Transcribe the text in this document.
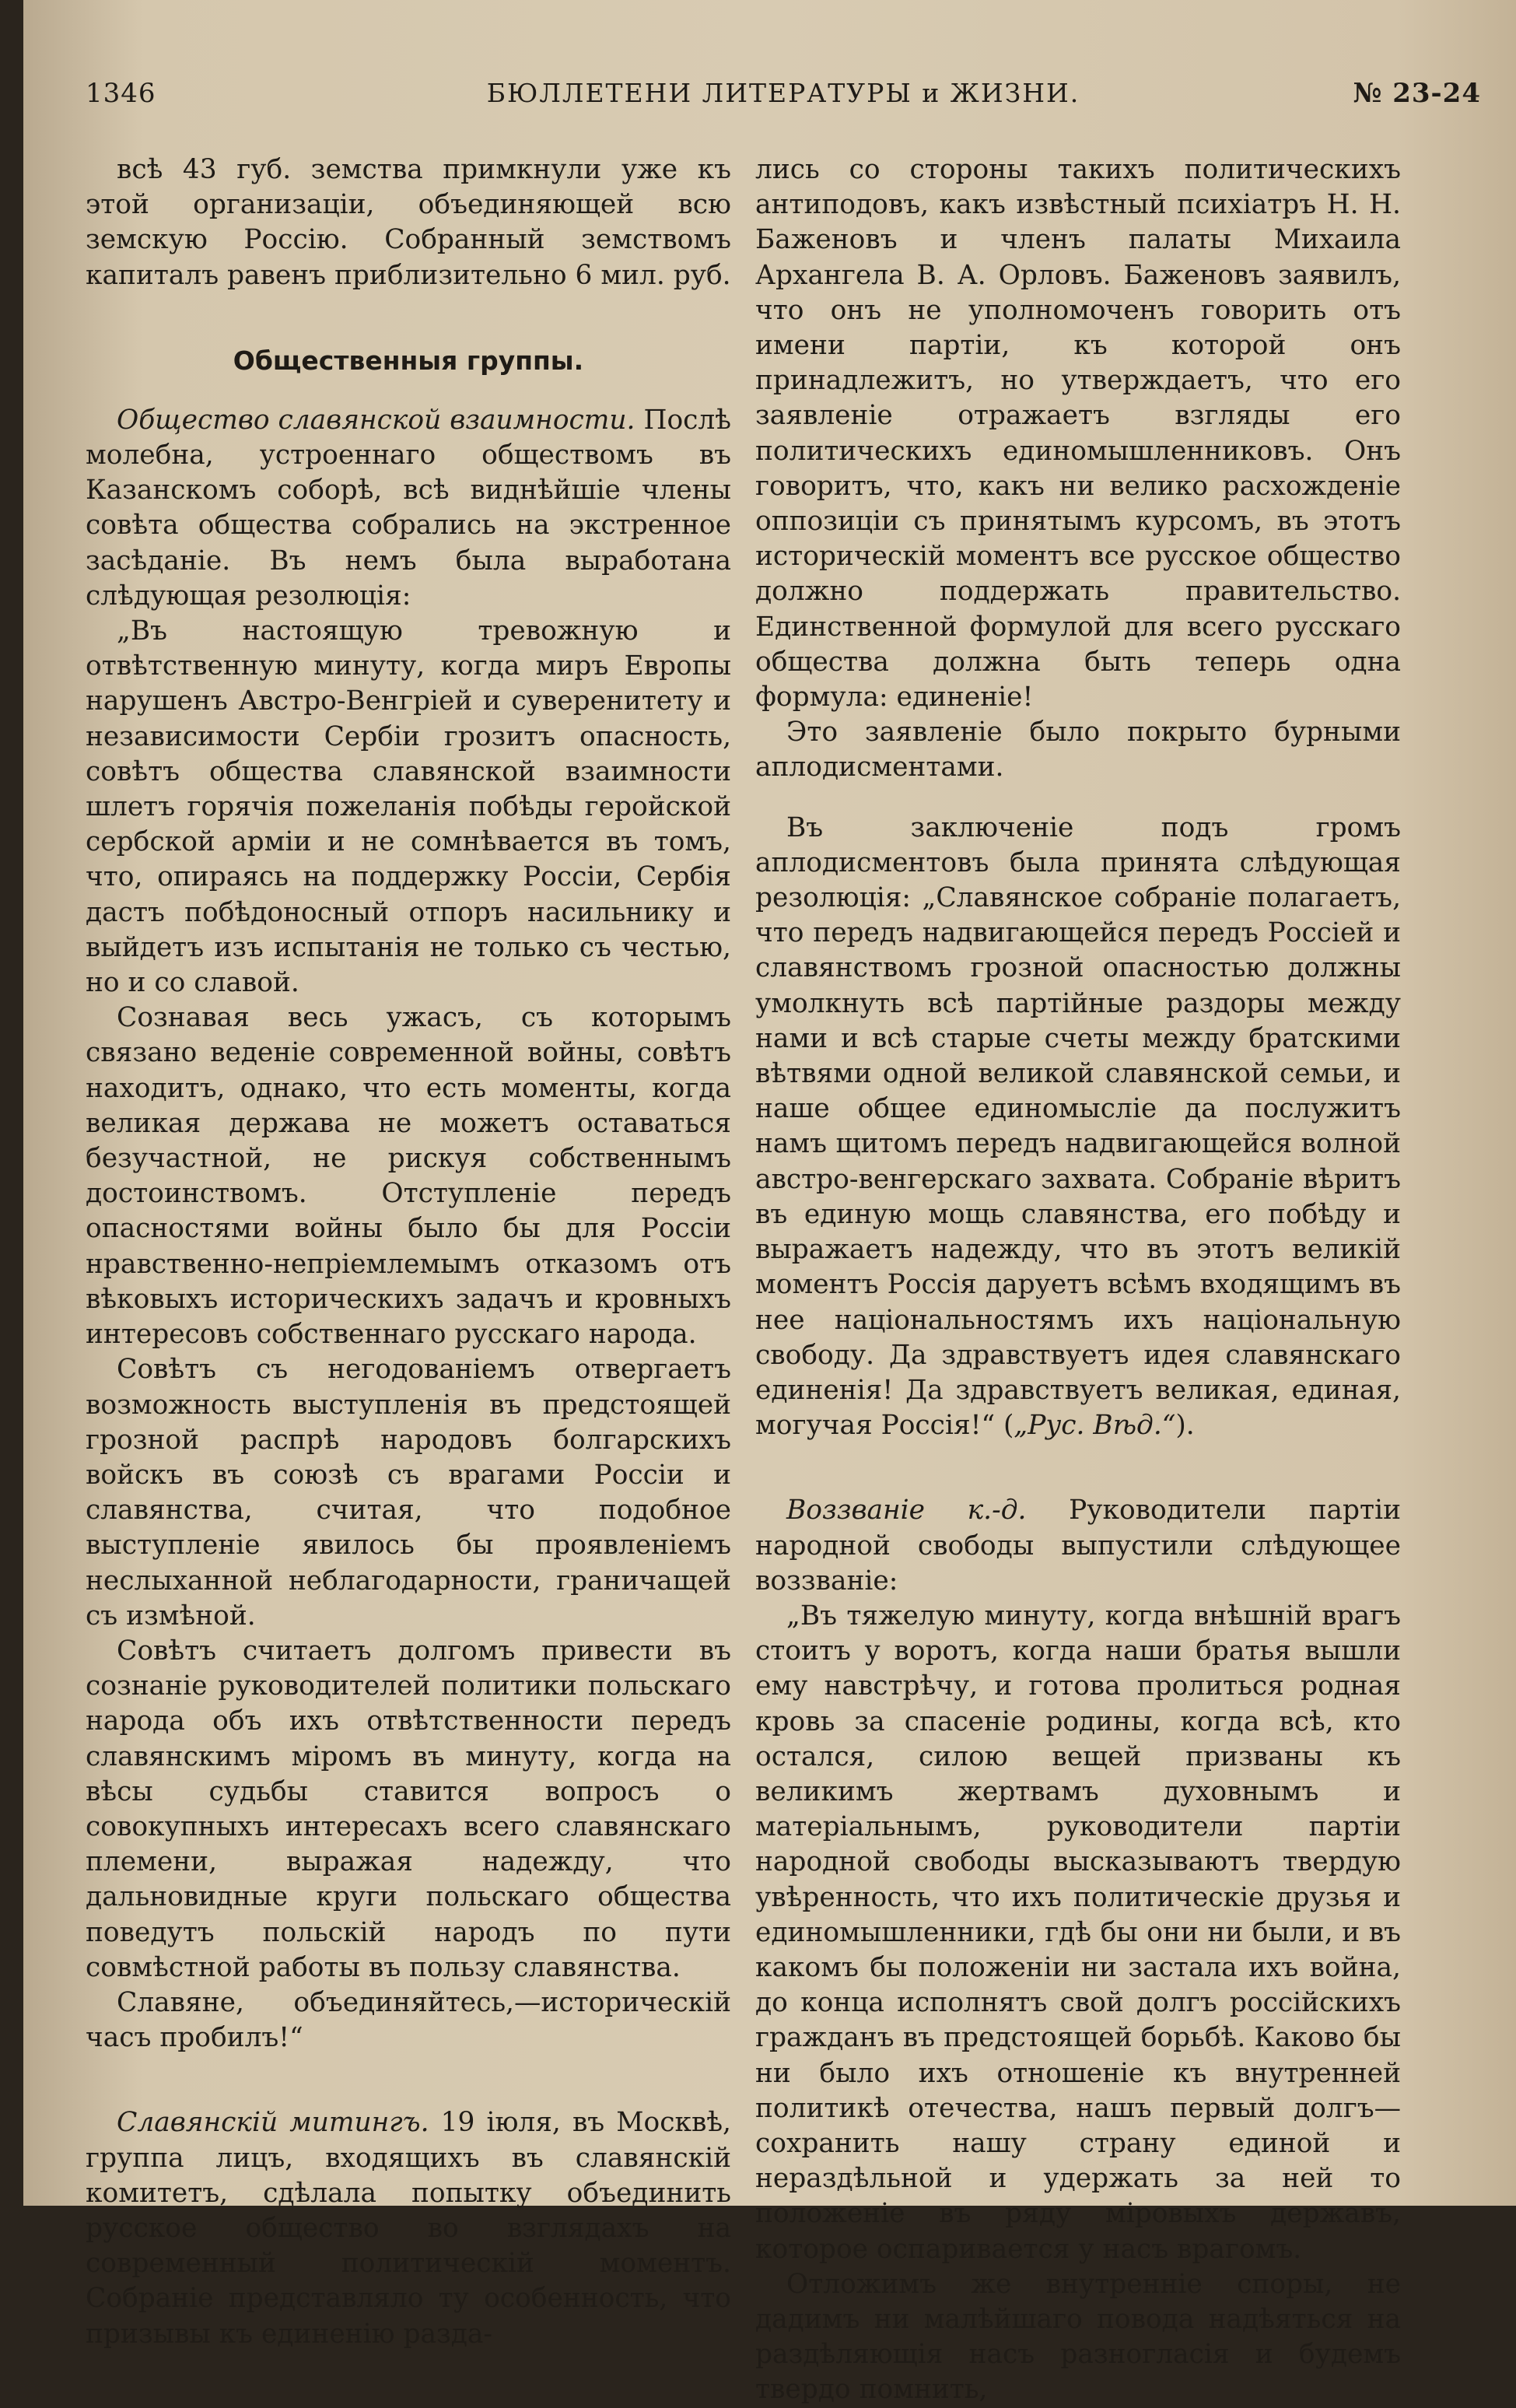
1346	БЮЛЛЕТЕНИ ЛИТЕРАТУРЫ и ЖИЗНИ.	№ 23-24

всѣ 43 губ. земства примкнули уже къ этой организаціи, объединяющей всю земскую Россію. Собранный земствомъ капиталъ равенъ приблизительно 6 мил. руб.

Общественныя группы.

Общество славянской взаимности. Послѣ молебна, устроеннаго обществомъ въ Казанскомъ соборѣ, всѣ виднѣйшіе члены совѣта общества собрались на экстренное засѣданіе. Въ немъ была выработана слѣдующая резолюція:

„Въ настоящую тревожную и отвѣтственную минуту, когда миръ Европы нарушенъ Австро-Венгріей и суверенитету и независимости Сербіи грозитъ опасность, совѣтъ общества славянской взаимности шлетъ горячія пожеланія побѣды геройской сербской арміи и не сомнѣвается въ томъ, что, опираясь на поддержку Россіи, Сербія дастъ побѣдоносный отпоръ насильнику и выйдетъ изъ испытанія не только съ честью, но и со славой.

Сознавая весь ужасъ, съ которымъ связано веденіе современной войны, совѣтъ находитъ, однако, что есть моменты, когда великая держава не можетъ оставаться безучастной, не рискуя собственнымъ достоинствомъ. Отступленіе передъ опасностями войны было бы для Россіи нравственно-непріемлемымъ отказомъ отъ вѣковыхъ историческихъ задачъ и кровныхъ интересовъ собственнаго русскаго народа.

Совѣтъ съ негодованіемъ отвергаетъ возможность выступленія въ предстоящей грозной распрѣ народовъ болгарскихъ войскъ въ союзѣ съ врагами Россіи и славянства, считая, что подобное выступленіе явилось бы проявленіемъ неслыханной неблагодарности, граничащей съ измѣной.

Совѣтъ считаетъ долгомъ привести въ сознаніе руководителей политики польскаго народа объ ихъ отвѣтственности передъ славянскимъ міромъ въ минуту, когда на вѣсы судьбы ставится вопросъ о совокупныхъ интересахъ всего славянскаго племени, выражая надежду, что дальновидные круги польскаго общества поведутъ польскій народъ по пути совмѣстной работы въ пользу славянства.

Славяне, объединяйтесь,—историческій часъ пробилъ!“

Славянскій митингъ. 19 іюля, въ Москвѣ, группа лицъ, входящихъ въ славянскій комитетъ, сдѣлала попытку объединить русское общество во взглядахъ на современный политическій моментъ. Собраніе представляло ту особенность, что призывы къ единенію разда-

лись со стороны такихъ политическихъ антиподовъ, какъ извѣстный психіатръ Н. Н. Баженовъ и членъ палаты Михаила Архангела В. А. Орловъ. Баженовъ заявилъ, что онъ не уполномоченъ говорить отъ имени партіи, къ которой онъ принадлежитъ, но утверждаетъ, что его заявленіе отражаетъ взгляды его политическихъ единомышленниковъ. Онъ говоритъ, что, какъ ни велико расхожденіе оппозиціи съ принятымъ курсомъ, въ этотъ историческій моментъ все русское общество должно поддержать правительство. Единственной формулой для всего русскаго общества должна быть теперь одна формула: единеніе!

Это заявленіе было покрыто бурными аплодисментами.

Въ заключеніе подъ громъ аплодисментовъ была принята слѣдующая резолюція: „Славянское собраніе полагаетъ, что передъ надвигающейся передъ Россіей и славянствомъ грозной опасностью должны умолкнуть всѣ партійные раздоры между нами и всѣ старые счеты между братскими вѣтвями одной великой славянской семьи, и наше общее единомысліе да послужитъ намъ щитомъ передъ надвигающейся волной австро-венгерскаго захвата. Собраніе вѣритъ въ единую мощь славянства, его побѣду и выражаетъ надежду, что въ этотъ великій моментъ Россія даруетъ всѣмъ входящимъ въ нее національностямъ ихъ національную свободу. Да здравствуетъ идея славянскаго единенія! Да здравствуетъ великая, единая, могучая Россія!“ („Рус. Вѣд.“).

Воззваніе к.-д. Руководители партіи народной свободы выпустили слѣдующее воззваніе:

„Въ тяжелую минуту, когда внѣшній врагъ стоитъ у воротъ, когда наши братья вышли ему навстрѣчу, и готова пролиться родная кровь за спасеніе родины, когда всѣ, кто остался, силою вещей призваны къ великимъ жертвамъ духовнымъ и матеріальнымъ, руководители партіи народной свободы высказываютъ твердую увѣренность, что ихъ политическіе друзья и единомышленники, гдѣ бы они ни были, и въ какомъ бы положеніи ни застала ихъ война, до конца исполнятъ свой долгъ россійскихъ гражданъ въ предстоящей борьбѣ. Каково бы ни было ихъ отношеніе къ внутренней политикѣ отечества, нашъ первый долгъ—сохранить нашу страну единой и нераздѣльной и удержать за ней то положеніе въ ряду міровыхъ державъ, которое оспаривается у насъ врагомъ.

Отложимъ же внутренніе споры, не дадимъ ни малѣйшаго повода надѣяться на раздѣляющія насъ разногласія и будемъ твердо помнить,
